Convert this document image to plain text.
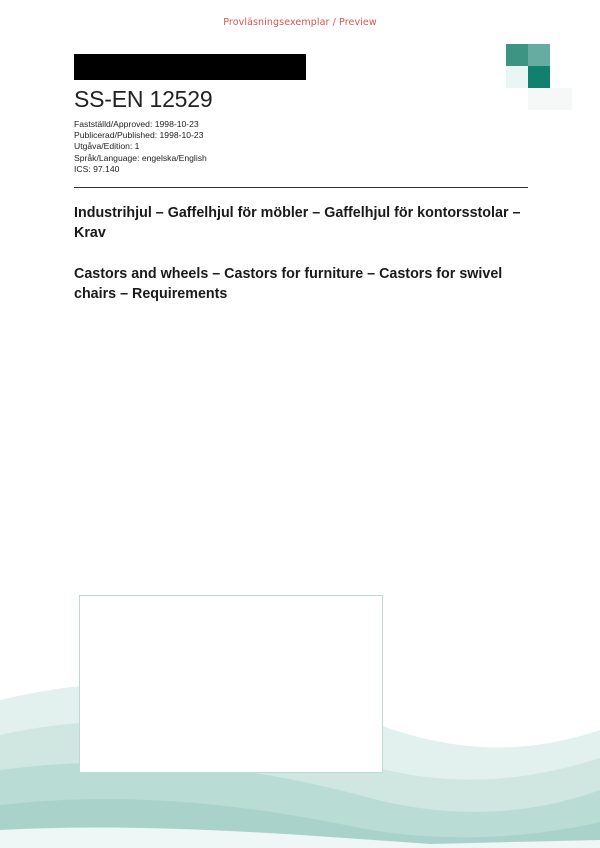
Provläsningsexemplar / Preview
SS-EN 12529
Fastställd/Approved: 1998-10-23
Publicerad/Published: 1998-10-23
Utgåva/Edition: 1
Språk/Language: engelska/English
ICS: 97.140
Industrihjul – Gaffelhjul för möbler – Gaffelhjul för kontorsstolar – Krav
Castors and wheels – Castors for furniture – Castors for swivel chairs – Requirements
